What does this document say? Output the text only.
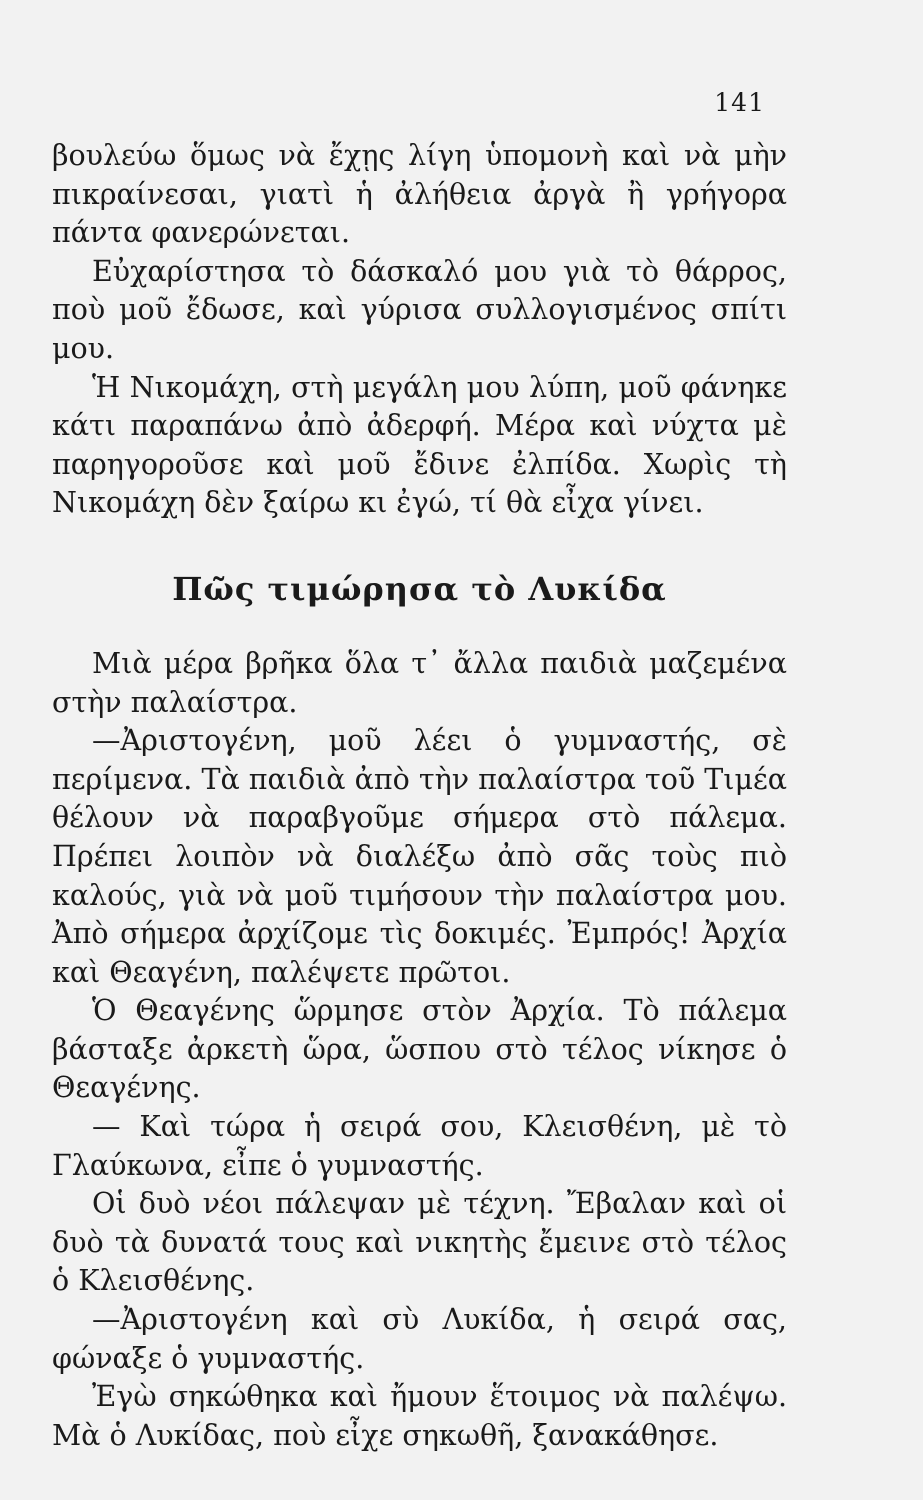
141

βουλεύω ὅμως νὰ ἔχῃς λίγη ὑπομονὴ καὶ νὰ μὴν πικραίνεσαι, γιατὶ ἡ ἀλήθεια ἀργὰ ἢ γρήγορα πάντα φανερώνεται.

Εὐχαρίστησα τὸ δάσκαλό μου γιὰ τὸ θάρρος, ποὺ μοῦ ἔδωσε, καὶ γύρισα συλλογισμένος σπίτι μου.

Ἡ Νικομάχη, στὴ μεγάλη μου λύπη, μοῦ φάνηκε κάτι παραπάνω ἀπὸ ἀδερφή. Μέρα καὶ νύχτα μὲ παρηγοροῦσε καὶ μοῦ ἔδινε ἐλπίδα. Χωρὶς τὴ Νικομάχη δὲν ξαίρω κι ἐγώ, τί θὰ εἶχα γίνει.

Πῶς τιμώρησα τὸ Λυκίδα

Μιὰ μέρα βρῆκα ὅλα τ᾽ ἄλλα παιδιὰ μαζεμένα στὴν παλαίστρα.

—Ἀριστογένη, μοῦ λέει ὁ γυμναστής, σὲ περίμενα. Τὰ παιδιὰ ἀπὸ τὴν παλαίστρα τοῦ Τιμέα θέλουν νὰ παραβγοῦμε σήμερα στὸ πάλεμα. Πρέπει λοιπὸν νὰ διαλέξω ἀπὸ σᾶς τοὺς πιὸ καλούς, γιὰ νὰ μοῦ τιμήσουν τὴν παλαίστρα μου. Ἀπὸ σήμερα ἀρχίζομε τὶς δοκιμές. Ἐμπρός! Ἀρχία καὶ Θεαγένη, παλέψετε πρῶτοι.

Ὁ Θεαγένης ὥρμησε στὸν Ἀρχία. Τὸ πάλεμα βάσταξε ἀρκετὴ ὥρα, ὥσπου στὸ τέλος νίκησε ὁ Θεαγένης.

— Καὶ τώρα ἡ σειρά σου, Κλεισθένη, μὲ τὸ Γλαύκωνα, εἶπε ὁ γυμναστής.

Οἱ δυὸ νέοι πάλεψαν μὲ τέχνη. Ἔβαλαν καὶ οἱ δυὸ τὰ δυνατά τους καὶ νικητὴς ἔμεινε στὸ τέλος ὁ Κλεισθένης.

—Ἀριστογένη καὶ σὺ Λυκίδα, ἡ σειρά σας, φώναξε ὁ γυμναστής.

Ἐγὼ σηκώθηκα καὶ ἤμουν ἕτοιμος νὰ παλέψω. Μὰ ὁ Λυκίδας, ποὺ εἶχε σηκωθῆ, ξανακάθησε.
